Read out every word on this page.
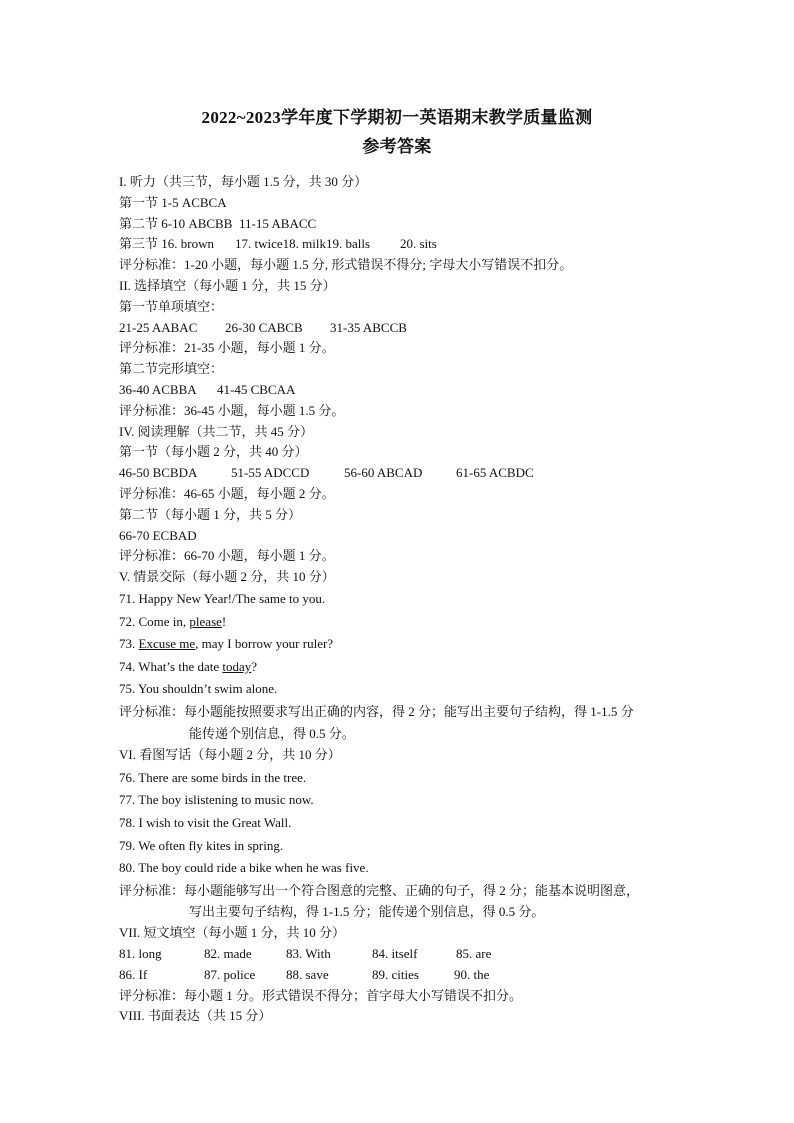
2022~2023学年度下学期初一英语期末教学质量监测
参考答案
I. 听力（共三节，每小题 1.5 分，共 30 分）
第一节 1-5 ACBCA
第二节 6-10 ABCBB 11-15 ABACC
第三节 16. brown 17. twice18. milk19. balls 20. sits
评分标准：1-20 小题，每小题 1.5 分, 形式错误不得分; 字母大小写错误不扣分。
II. 选择填空（每小题 1 分，共 15 分）
第一节单项填空：
21-25 AABAC 26-30 CABCB 31-35 ABCCB
评分标准：21-35 小题，每小题 1 分。
第二节完形填空：
36-40 ACBBA 41-45 CBCAA
评分标准：36-45 小题，每小题 1.5 分。
IV. 阅读理解（共二节，共 45 分）
第一节（每小题 2 分，共 40 分）
46-50 BCBDA	51-55 ADCCD	56-60 ABCAD	61-65 ACBDC
评分标准：46-65 小题，每小题 2 分。
第二节（每小题 1 分，共 5 分）
66-70 ECBAD
评分标准：66-70 小题，每小题 1 分。
V. 情景交际（每小题 2 分，共 10 分）
71. Happy New Year!/The same to you.
72. Come in, please!
73. Excuse me, may I borrow your ruler?
74. What’s the date today?
75. You shouldn’t swim alone.
评分标准：每小题能按照要求写出正确的内容，得 2 分；能写出主要句子结构，得 1-1.5 分
能传递个别信息，得 0.5 分。
VI. 看图写话（每小题 2 分，共 10 分）
76. There are some birds in the tree.
77. The boy islistening to music now.
78. I wish to visit the Great Wall.
79. We often fly kites in spring.
80. The boy could ride a bike when he was five.
评分标准：每小题能够写出一个符合图意的完整、正确的句子，得 2 分；能基本说明图意，
写出主要句子结构，得 1-1.5 分；能传递个别信息，得 0.5 分。
VII. 短文填空（每小题 1 分，共 10 分）
81. long	82. made	83. With	84. itself	85. are
86. If	87. police 88. save	89. cities	90. the
评分标准：每小题 1 分。形式错误不得分；首字母大小写错误不扣分。
VIII. 书面表达（共 15 分）
